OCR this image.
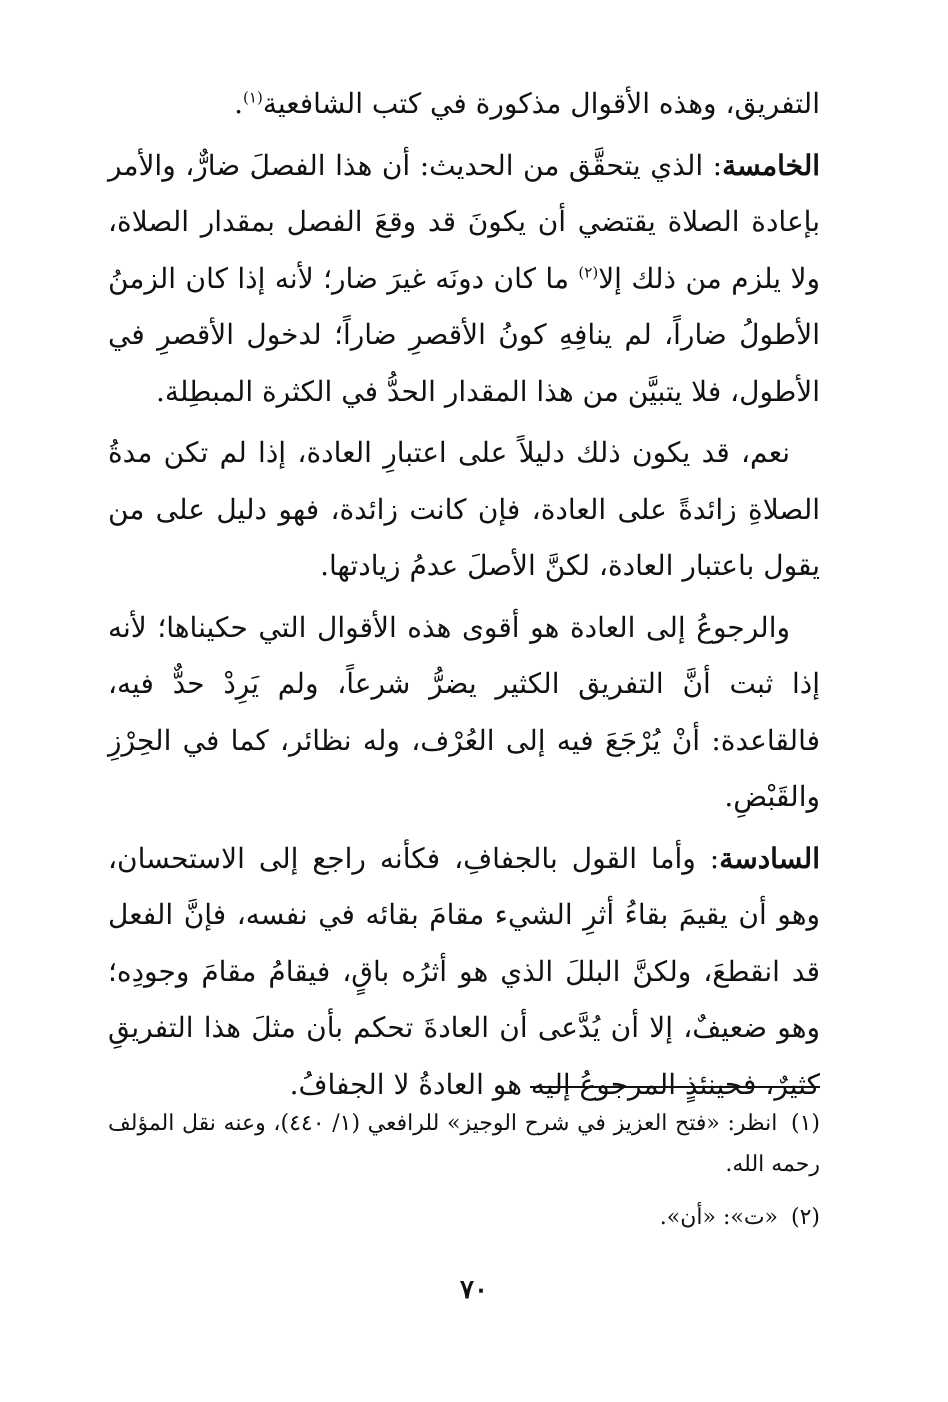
التفريق، وهذه الأقوال مذكورة في كتب الشافعية$^{(١)}$.

الخامسة: الذي يتحقَّق من الحديث: أن هذا الفصلَ ضارٌّ، والأمر بإعادة الصلاة يقتضي أن يكونَ قد وقعَ الفصل بمقدار الصلاة، ولا يلزم من ذلك إلا$^{(٢)}$ ما كان دونَه غيرَ ضار؛ لأنه إذا كان الزمنُ الأطولُ ضاراً، لم ينافِهِ كونُ الأقصرِ ضاراً؛ لدخول الأقصرِ في الأطول، فلا يتبيَّن من هذا المقدار الحدُّ في الكثرة المبطِلة.

نعم، قد يكون ذلك دليلاً على اعتبارِ العادة، إذا لم تكن مدةُ الصلاةِ زائدةً على العادة، فإن كانت زائدة، فهو دليل على من يقول باعتبار العادة، لكنَّ الأصلَ عدمُ زيادتها.

والرجوعُ إلى العادة هو أقوى هذه الأقوال التي حكيناها؛ لأنه إذا ثبت أنَّ التفريق الكثير يضرُّ شرعاً، ولم يَرِدْ حدٌّ فيه، فالقاعدة: أنْ يُرْجَعَ فيه إلى العُرْف، وله نظائر، كما في الحِرْزِ والقَبْضِ.

السادسة: وأما القول بالجفافِ، فكأنه راجع إلى الاستحسان، وهو أن يقيمَ بقاءُ أثرِ الشيء مقامَ بقائه في نفسه، فإنَّ الفعل قد انقطعَ، ولكنَّ البللَ الذي هو أثرُه باقٍ، فيقامُ مقامَ وجودِه؛ وهو ضعيفٌ، إلا أن يُدَّعى أن العادةَ تحكم بأن مثلَ هذا التفريقِ كثيرٌ، فحينئذٍ المرجوعُ إليه هو العادةُ لا الجفافُ.

(١) انظر: «فتح العزيز في شرح الوجيز» للرافعي (١/ ٤٤٠)، وعنه نقل المؤلف رحمه الله.

(٢) «ت»: «أن».

٧٠
